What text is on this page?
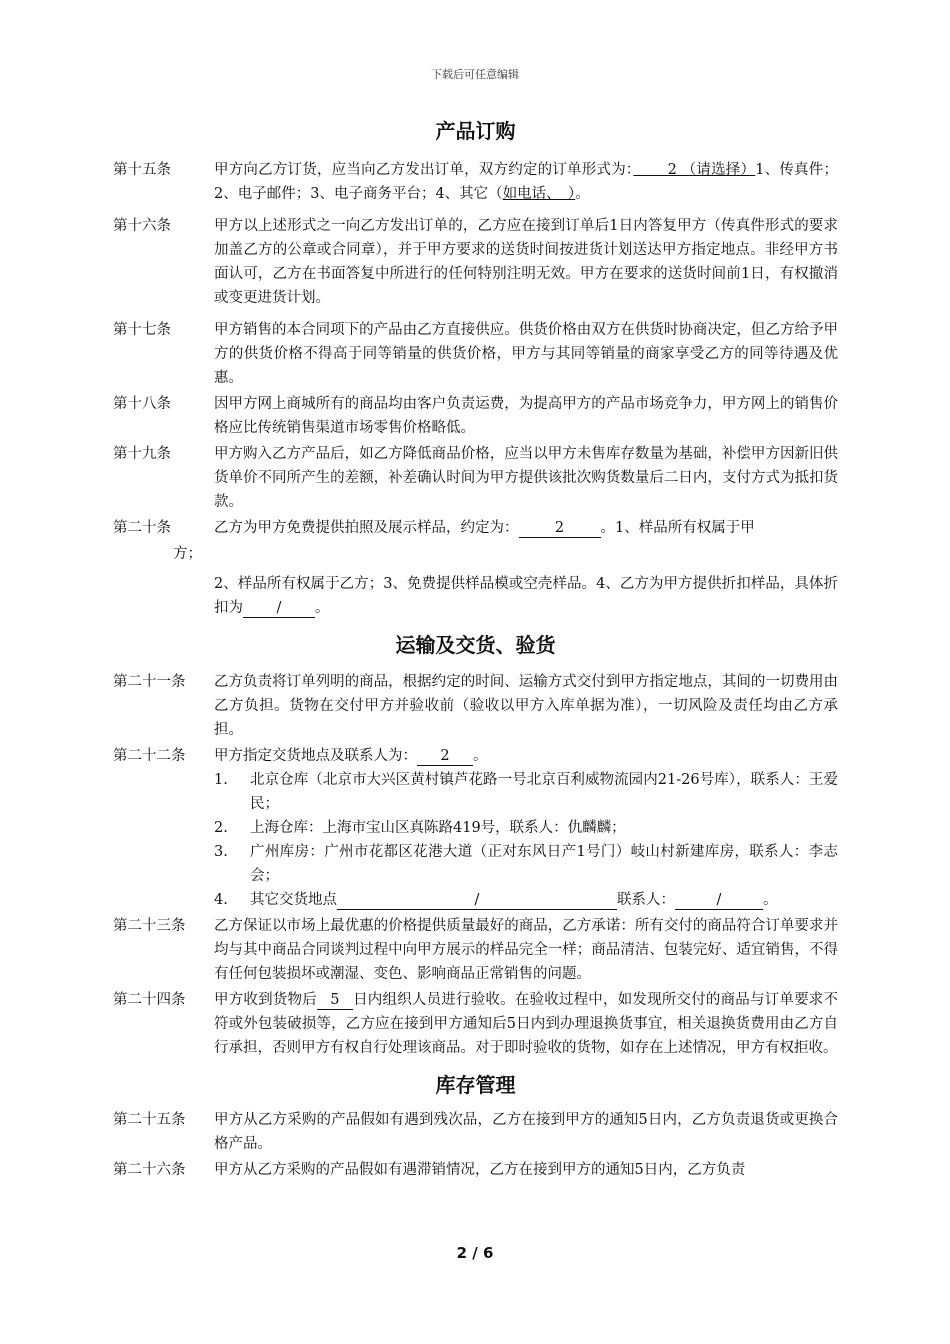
下载后可任意编辑
产品订购
第十五条	甲方向乙方订货，应当向乙方发出订单，双方约定的订单形式为：　　 2 （请选择）1、传真件；2、电子邮件；3、电子商务平台；4、其它（如电话、　）。
第十六条	甲方以上述形式之一向乙方发出订单的，乙方应在接到订单后1日内答复甲方（传真件形式的要求加盖乙方的公章或合同章），并于甲方要求的送货时间按进货计划送达甲方指定地点。非经甲方书面认可，乙方在书面答复中所进行的任何特别注明无效。甲方在要求的送货时间前1日，有权撤消或变更进货计划。
第十七条	甲方销售的本合同项下的产品由乙方直接供应。供货价格由双方在供货时协商决定，但乙方给予甲方的供货价格不得高于同等销量的供货价格，甲方与其同等销量的商家享受乙方的同等待遇及优惠。
第十八条	因甲方网上商城所有的商品均由客户负责运费，为提高甲方的产品市场竞争力，甲方网上的销售价格应比传统销售渠道市场零售价格略低。
第十九条	甲方购入乙方产品后，如乙方降低商品价格，应当以甲方未售库存数量为基础，补偿甲方因新旧供货单价不同所产生的差额，补差确认时间为甲方提供该批次购货数量后二日内，支付方式为抵扣货款。
第二十条	乙方为甲方免费提供拍照及展示样品，约定为：	2	。1、样品所有权属于甲
方；
2、样品所有权属于乙方；3、免费提供样品模或空壳样品。4、乙方为甲方提供折扣样品，具体折扣为 / 。
运输及交货、验货
第二十一条	乙方负责将订单列明的商品，根据约定的时间、运输方式交付到甲方指定地点，其间的一切费用由乙方负担。货物在交付甲方并验收前（验收以甲方入库单据为准），一切风险及责任均由乙方承担。
第二十二条	甲方指定交货地点及联系人为： 2 。

1.	北京仓库（北京市大兴区黄村镇芦花路一号北京百利威物流园内21-26号库），联系人：王爱民；
2.	上海仓库：上海市宝山区真陈路419号，联系人：仇麟麟；
3.	广州库房：广州市花都区花港大道（正对东风日产1号门）岐山村新建库房，联系人：李志会；
4.	其它交货地点	/	联系人：	/	。
第二十三条	乙方保证以市场上最优惠的价格提供质量最好的商品，乙方承诺：所有交付的商品符合订单要求并均与其中商品合同谈判过程中向甲方展示的样品完全一样；商品清洁、包装完好、适宜销售，不得有任何包装损坏或潮湿、变色、影响商品正常销售的问题。
第二十四条	甲方收到货物后 5 日内组织人员进行验收。在验收过程中，如发现所交付的商品与订单要求不符或外包装破损等，乙方应在接到甲方通知后5日内到办理退换货事宜，相关退换货费用由乙方自行承担，否则甲方有权自行处理该商品。对于即时验收的货物，如存在上述情况，甲方有权拒收。
库存管理
第二十五条	甲方从乙方采购的产品假如有遇到残次品，乙方在接到甲方的通知5日内，乙方负责退货或更换合格产品。
第二十六条	甲方从乙方采购的产品假如有遇滞销情况，乙方在接到甲方的通知5日内，乙方负责
2 / 6
